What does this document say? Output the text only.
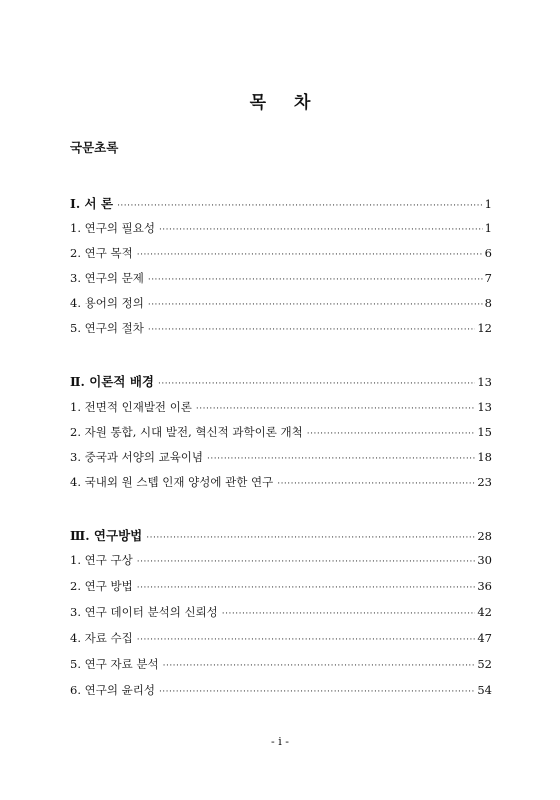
목 차
국문초록
Ⅰ. 서 론 ·····	1
1. 연구의 필요성 ·····	1
2. 연구 목적 ·····	6
3. 연구의 문제 ·····	7
4. 용어의 정의 ·····	8
5. 연구의 절차 ·····	12
Ⅱ. 이론적 배경 ·····	13
1. 전면적 인재발전 이론 ·····	13
2. 자원 통합, 시대 발전, 혁신적 과학이론 개척 ·····	15
3. 중국과 서양의 교육이념 ·····	18
4. 국내외 원 스텝 인재 양성에 관한 연구 ·····	23
Ⅲ. 연구방법 ·····	28
1. 연구 구상 ·····	30
2. 연구 방법 ·····	36
3. 연구 데이터 분석의 신뢰성 ·····	42
4. 자료 수집 ·····	47
5. 연구 자료 분석 ·····	52
6. 연구의 윤리성 ·····	54
- i -
